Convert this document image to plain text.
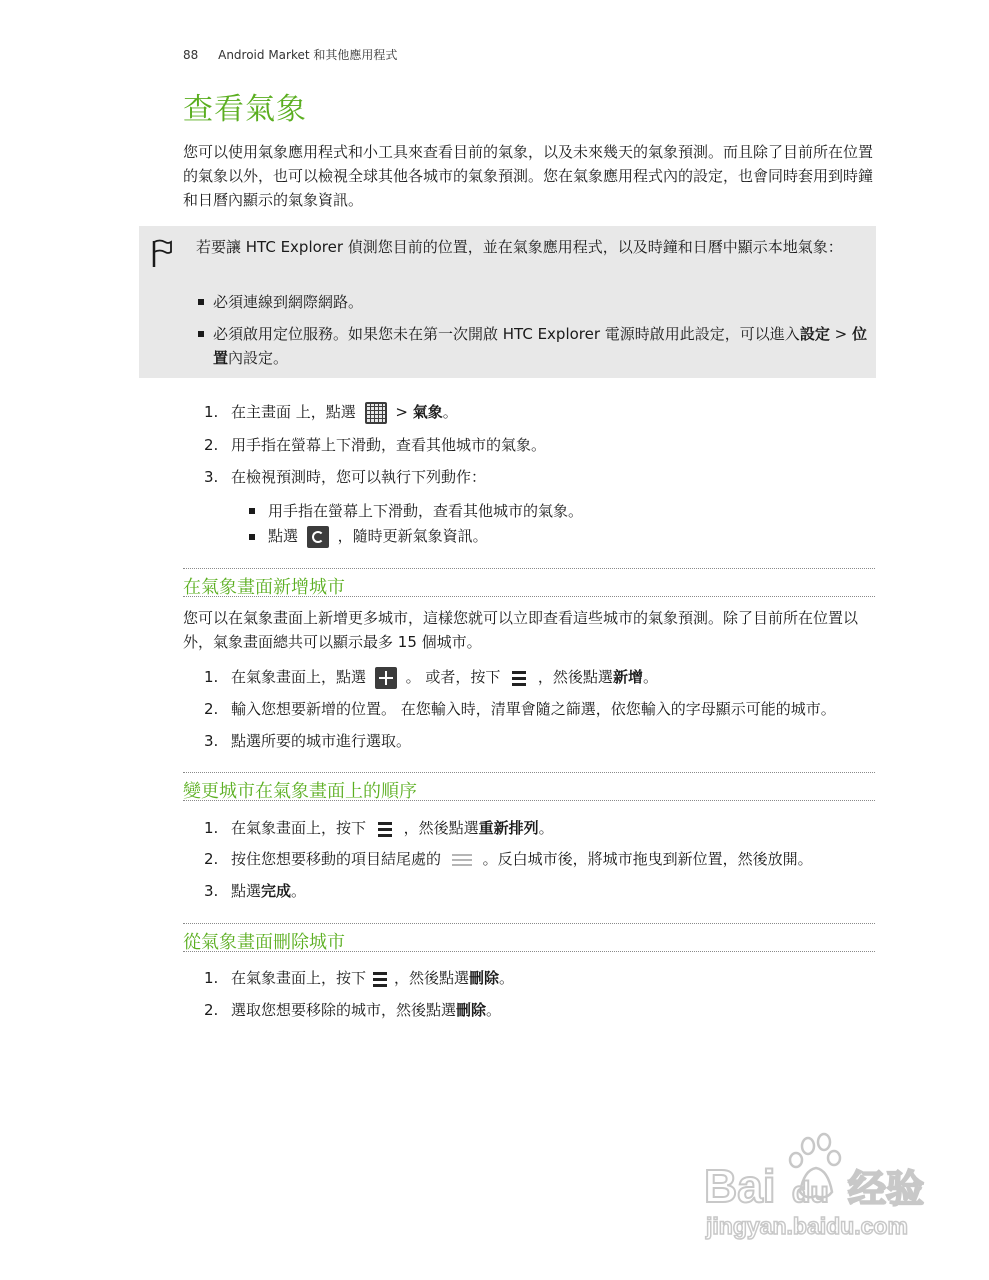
88 Android Market 和其他應用程式
查看氣象
您可以使用氣象應用程式和小工具來查看目前的氣象，以及未來幾天的氣象預測。而且除了目前所在位置的氣象以外，也可以檢視全球其他各城市的氣象預測。您在氣象應用程式內的設定，也會同時套用到時鐘和日曆內顯示的氣象資訊。
若要讓 HTC Explorer 偵測您目前的位置，並在氣象應用程式，以及時鐘和日曆中顯示本地氣象：
必須連線到網際網路。
必須啟用定位服務。如果您未在第一次開啟 HTC Explorer 電源時啟用此設定，可以進入設定 > 位置內設定。
1. 在主畫面 上，點選	> 氣象。
2. 用手指在螢幕上下滑動，查看其他城市的氣象。
3. 在檢視預測時，您可以執行下列動作：
用手指在螢幕上下滑動，查看其他城市的氣象。
點選	，隨時更新氣象資訊。
在氣象畫面新增城市
您可以在氣象畫面上新增更多城市，這樣您就可以立即查看這些城市的氣象預測。除了目前所在位置以外，氣象畫面總共可以顯示最多 15 個城市。
1. 在氣象畫面上，點選	。 或者，按下	，然後點選新增。
2. 輸入您想要新增的位置。 在您輸入時，清單會隨之篩選，依您輸入的字母顯示可能的城市。
3. 點選所要的城市進行選取。
變更城市在氣象畫面上的順序
1. 在氣象畫面上，按下	，然後點選重新排列。
2. 按住您想要移動的項目結尾處的	。反白城市後，將城市拖曳到新位置，然後放開。
3. 點選完成。
從氣象畫面刪除城市
1. 在氣象畫面上，按下 ，然後點選刪除。
2. 選取您想要移除的城市，然後點選刪除。
Bai du 经验
jingyan.baidu.com
